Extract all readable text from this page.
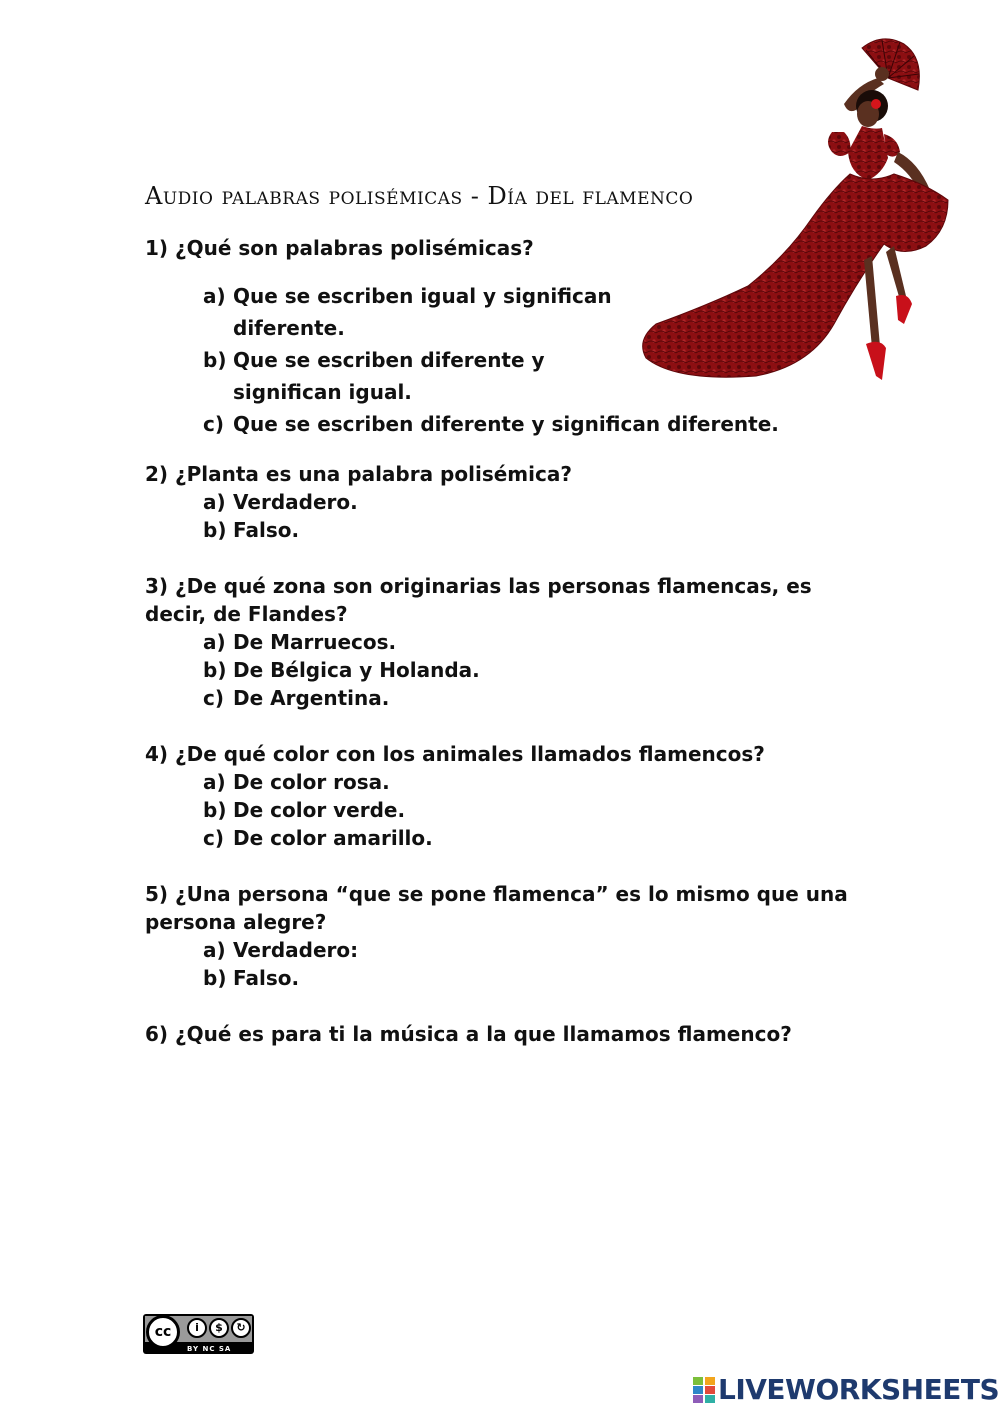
Audio palabras polisémicas - Día del flamenco
1) ¿Qué son palabras polisémicas?
a) Que se escriben igual y significan diferente.
b) Que se escriben diferente y significan igual.
c) Que se escriben diferente y significan diferente.
2) ¿Planta es una palabra polisémica?
a) Verdadero.
b) Falso.
3) ¿De qué zona son originarias las personas flamencas, es decir, de Flandes?
a) De Marruecos.
b) De Bélgica y Holanda.
c) De Argentina.
4) ¿De qué color con los animales llamados flamencos?
a) De color rosa.
b) De color verde.
c) De color amarillo.
5) ¿Una persona “que se pone flamenca” es lo mismo que una persona alegre?
a) Verdadero:
b) Falso.
6) ¿Qué es para ti la música a la que llamamos flamenco?
cc	i	$	↻
BY NC SA
LIVEWORKSHEETS
